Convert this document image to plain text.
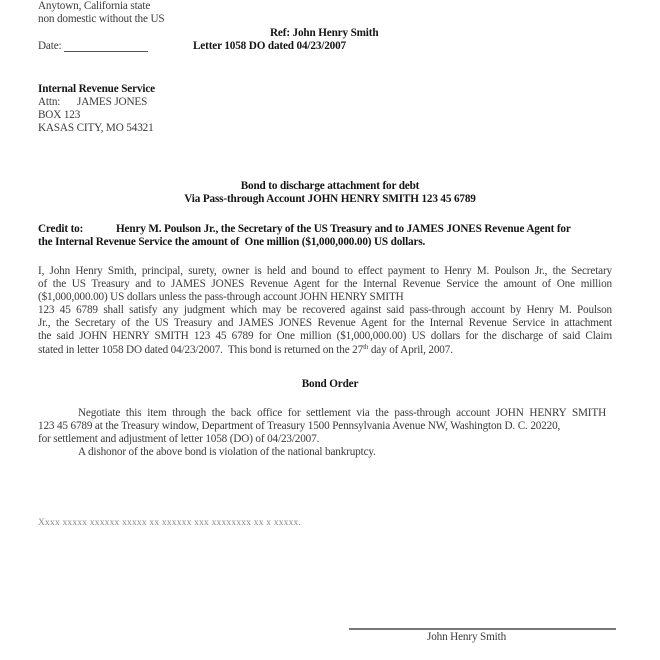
Anytown, California state
non domestic without the US
Ref: John Henry Smith
Date:	Letter 1058 DO dated 04/23/2007
Internal Revenue Service
Attn: JAMES JONES
BOX 123
KASAS CITY, MO 54321
Bond to discharge attachment for debt
Via Pass-through Account JOHN HENRY SMITH 123 45 6789
Credit to:	Henry M. Poulson Jr., the Secretary of the US Treasury and to JAMES JONES Revenue Agent for
the Internal Revenue Service the amount of  One million ($1,000,000.00) US dollars.
I, John Henry Smith, principal, surety, owner is held and bound to effect payment to Henry M. Poulson Jr., the Secretary
of the US Treasury and to JAMES JONES Revenue Agent for the Internal Revenue Service the amount of One million
($1,000,000.00) US dollars unless the pass-through account JOHN HENRY SMITH
123 45 6789 shall satisfy any judgment which may be recovered against said pass-through account by Henry M. Poulson
Jr., the Secretary of the US Treasury and JAMES JONES Revenue Agent for the Internal Revenue Service in attachment
the said JOHN HENRY SMITH 123 45 6789 for One million ($1,000,000.00) US dollars for the discharge of said Claim
stated in letter 1058 DO dated 04/23/2007.  This bond is returned on the 27th day of April, 2007.
Bond Order
Negotiate this item through the back office for settlement via the pass-through account JOHN HENRY SMITH
123 45 6789 at the Treasury window, Department of Treasury 1500 Pennsylvania Avenue NW, Washington D. C. 20220,
for settlement and adjustment of letter 1058 (DO) of 04/23/2007.
A dishonor of the above bond is violation of the national bankruptcy.
Xxxx xxxxx xxxxxx xxxxx xx xxxxxx xxx xxxxxxxx xx x xxxxx.
John Henry Smith
